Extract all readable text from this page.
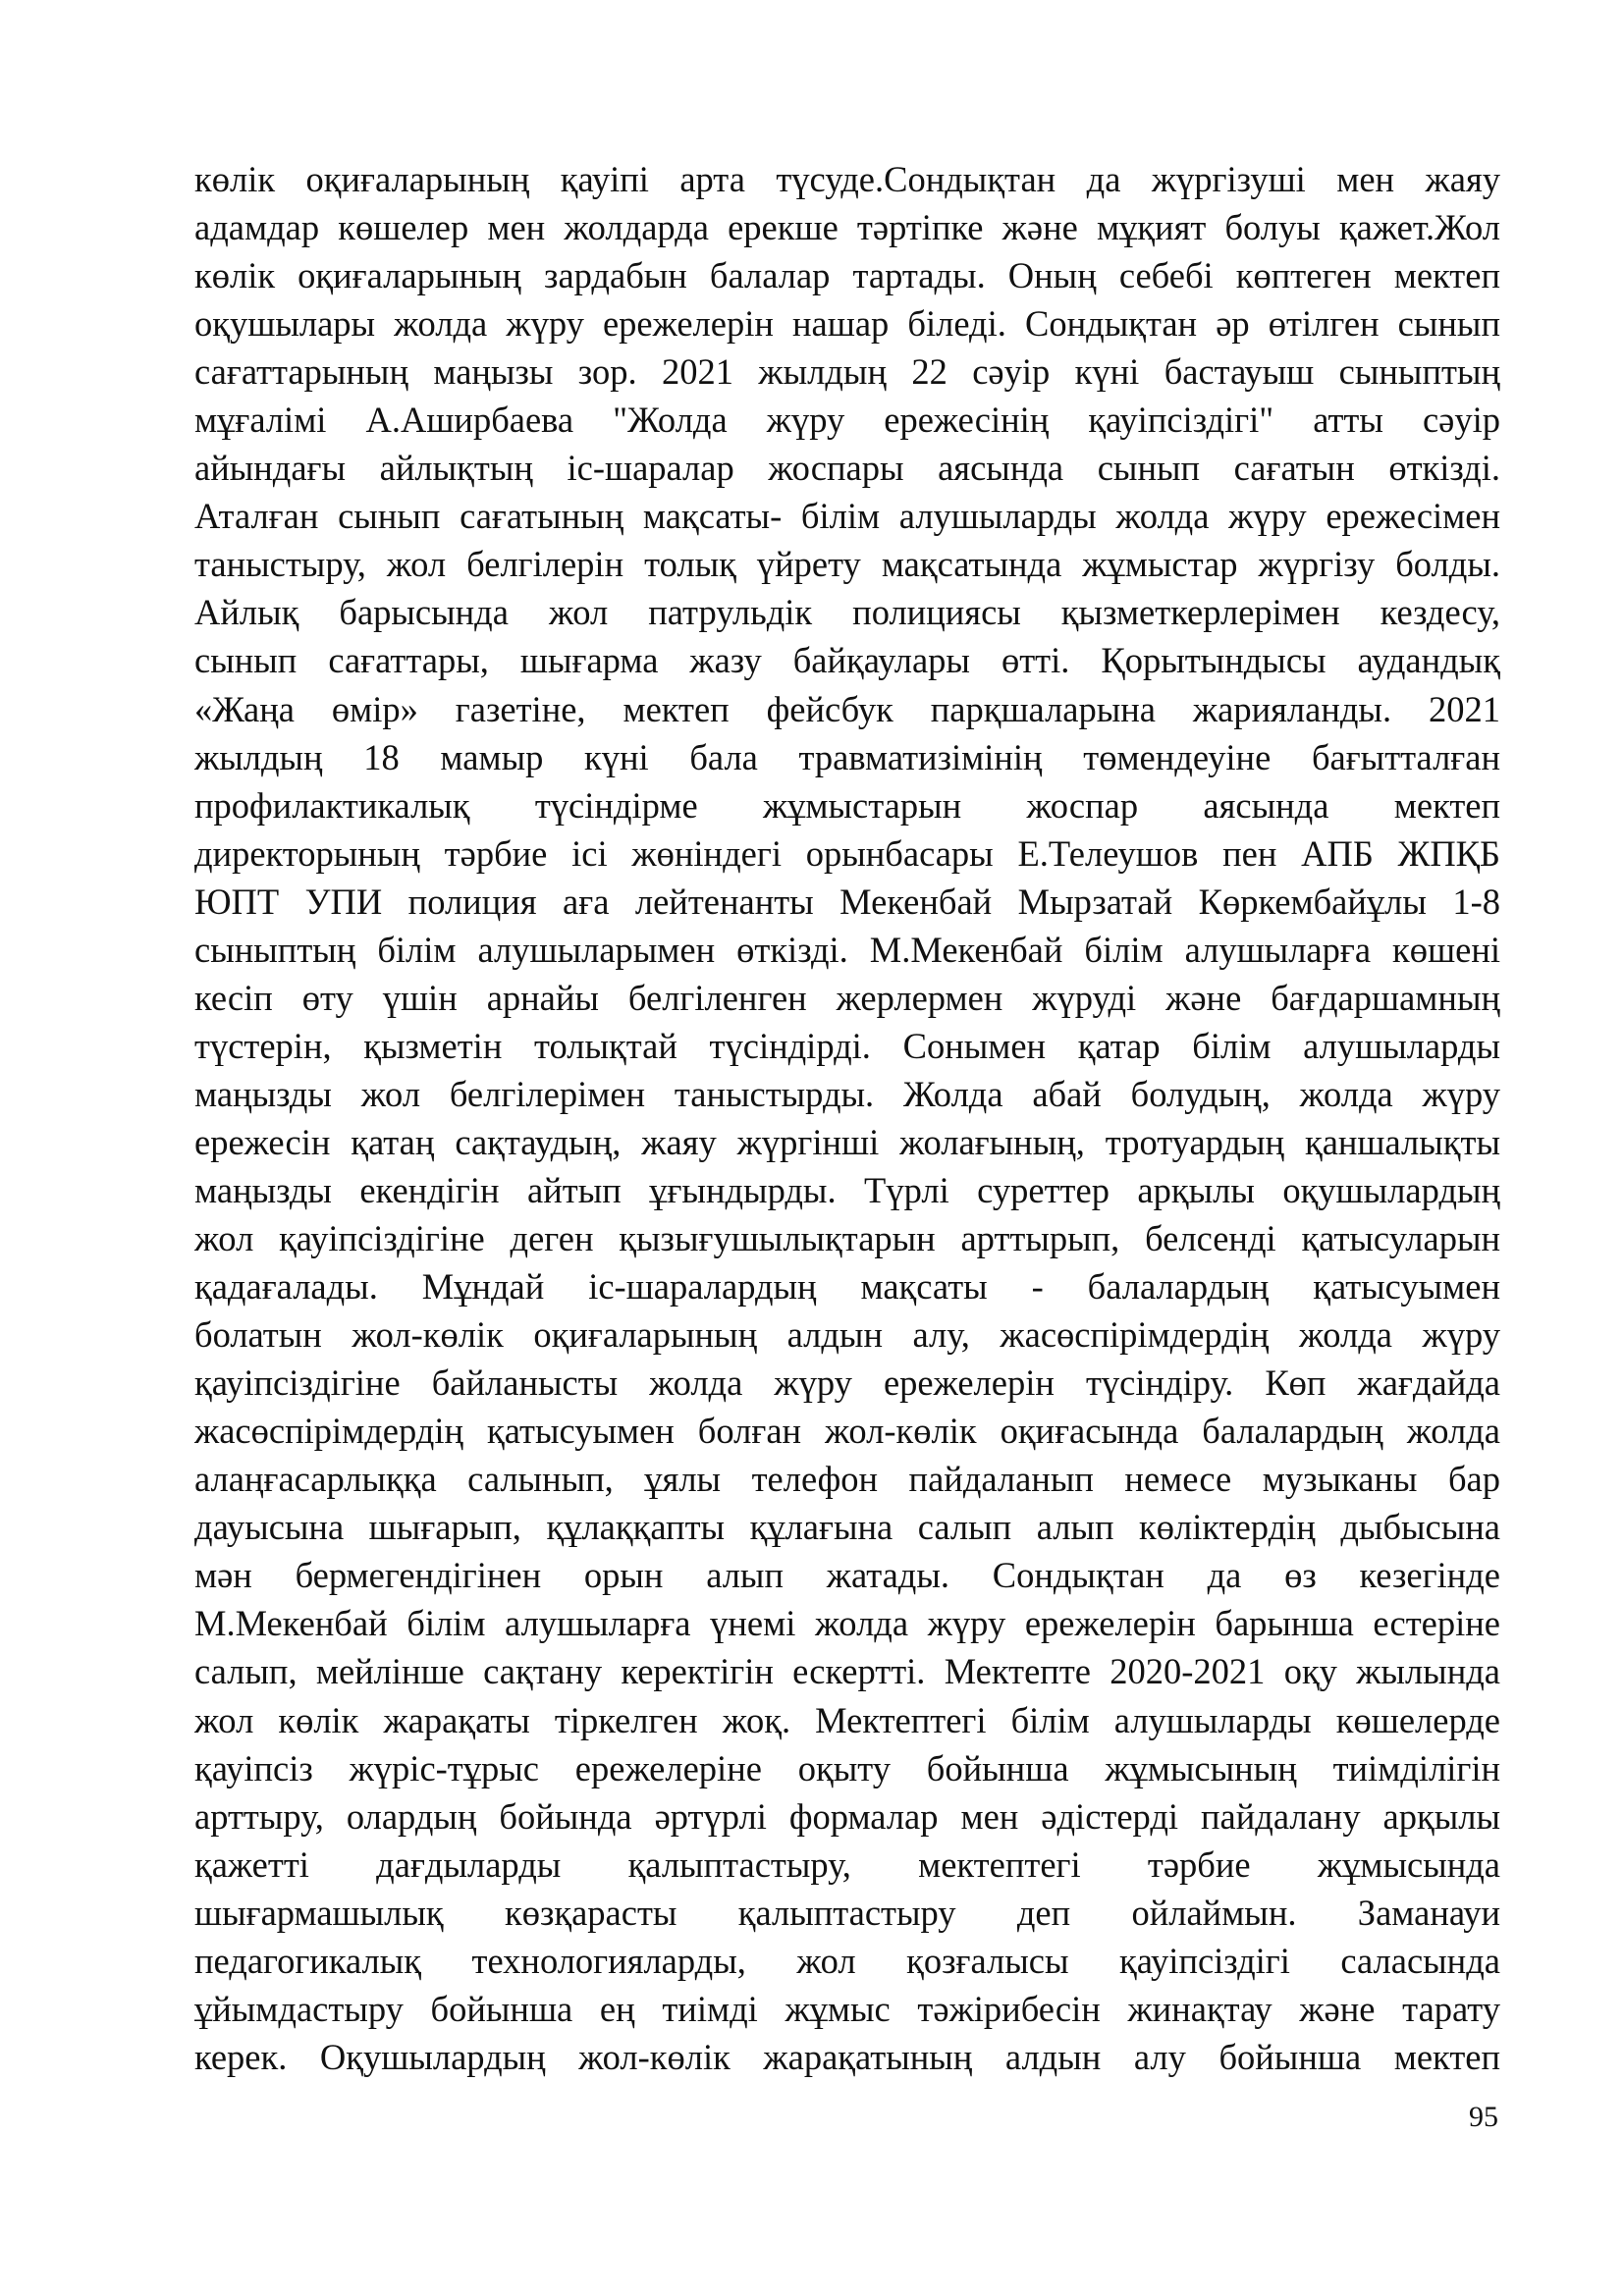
көлік оқиғаларының қауіпі арта түсуде.Сондықтан да жүргізуші мен жаяу
адамдар көшелер мен жолдарда ерекше тәртіпке және мұқият болуы қажет.Жол
көлік оқиғаларының зардабын балалар тартады. Оның себебі көптеген мектеп
оқушылары жолда жүру ережелерін нашар біледі. Сондықтан әр өтілген сынып
сағаттарының маңызы зор. 2021 жылдың 22 сәуір күні бастауыш сыныптың
мұғалімі А.Аширбаева "Жолда жүру ережесінің қауіпсіздігі" атты сәуір
айындағы айлықтың іс-шаралар жоспары аясында сынып сағатын өткізді.
Аталған сынып сағатының мақсаты- білім алушыларды жолда жүру ережесімен
таныстыру, жол белгілерін толық үйрету мақсатында жұмыстар жүргізу болды.
Айлық барысында жол патрульдік полициясы қызметкерлерімен кездесу,
сынып сағаттары, шығарма жазу байқаулары өтті. Қорытындысы аудандық
«Жаңа өмір» газетіне, мектеп фейсбук парқшаларына жарияланды. 2021
жылдың 18 мамыр күні бала травматизімінің төмендеуіне бағытталған
профилактикалық түсіндірме жұмыстарын жоспар аясында мектеп
директорының тәрбие ісі жөніндегі орынбасары Е.Телеушов пен АПБ ЖПҚБ
ЮПТ УПИ полиция аға лейтенанты Мекенбай Мырзатай Көркембайұлы 1-8
сыныптың білім алушыларымен өткізді. М.Мекенбай білім алушыларға көшені
кесіп өту үшін арнайы белгіленген жерлермен жүруді және бағдаршамның
түстерін, қызметін толықтай түсіндірді. Сонымен қатар білім алушыларды
маңызды жол белгілерімен таныстырды. Жолда абай болудың, жолда жүру
ережесін қатаң сақтаудың, жаяу жүргінші жолағының, тротуардың қаншалықты
маңызды екендігін айтып ұғындырды. Түрлі суреттер арқылы оқушылардың
жол қауіпсіздігіне деген қызығушылықтарын арттырып, белсенді қатысуларын
қадағалады. Мұндай іс-шаралардың мақсаты - балалардың қатысуымен
болатын жол-көлік оқиғаларының алдын алу, жасөспірімдердің жолда жүру
қауіпсіздігіне байланысты жолда жүру ережелерін түсіндіру. Көп жағдайда
жасөспірімдердің қатысуымен болған жол-көлік оқиғасында балалардың жолда
алаңғасарлыққа салынып, ұялы телефон пайдаланып немесе музыканы бар
дауысына шығарып, құлаққапты құлағына салып алып көліктердің дыбысына
мән бермегендігінен орын алып жатады. Сондықтан да өз кезегінде
М.Мекенбай білім алушыларға үнемі жолда жүру ережелерін барынша естеріне
салып, мейлінше сақтану керектігін ескертті. Мектепте 2020-2021 оқу жылында
жол көлік жарақаты тіркелген жоқ. Мектептегі білім алушыларды көшелерде
қауіпсіз жүріс-тұрыс ережелеріне оқыту бойынша жұмысының тиімділігін
арттыру, олардың бойында әртүрлі формалар мен әдістерді пайдалану арқылы
қажетті дағдыларды қалыптастыру, мектептегі тәрбие жұмысында
шығармашылық көзқарасты қалыптастыру деп ойлаймын. Заманауи
педагогикалық технологияларды, жол қозғалысы қауіпсіздігі саласында
ұйымдастыру бойынша ең тиімді жұмыс тәжірибесін жинақтау және тарату
керек. Оқушылардың жол-көлік жарақатының алдын алу бойынша мектеп
95
